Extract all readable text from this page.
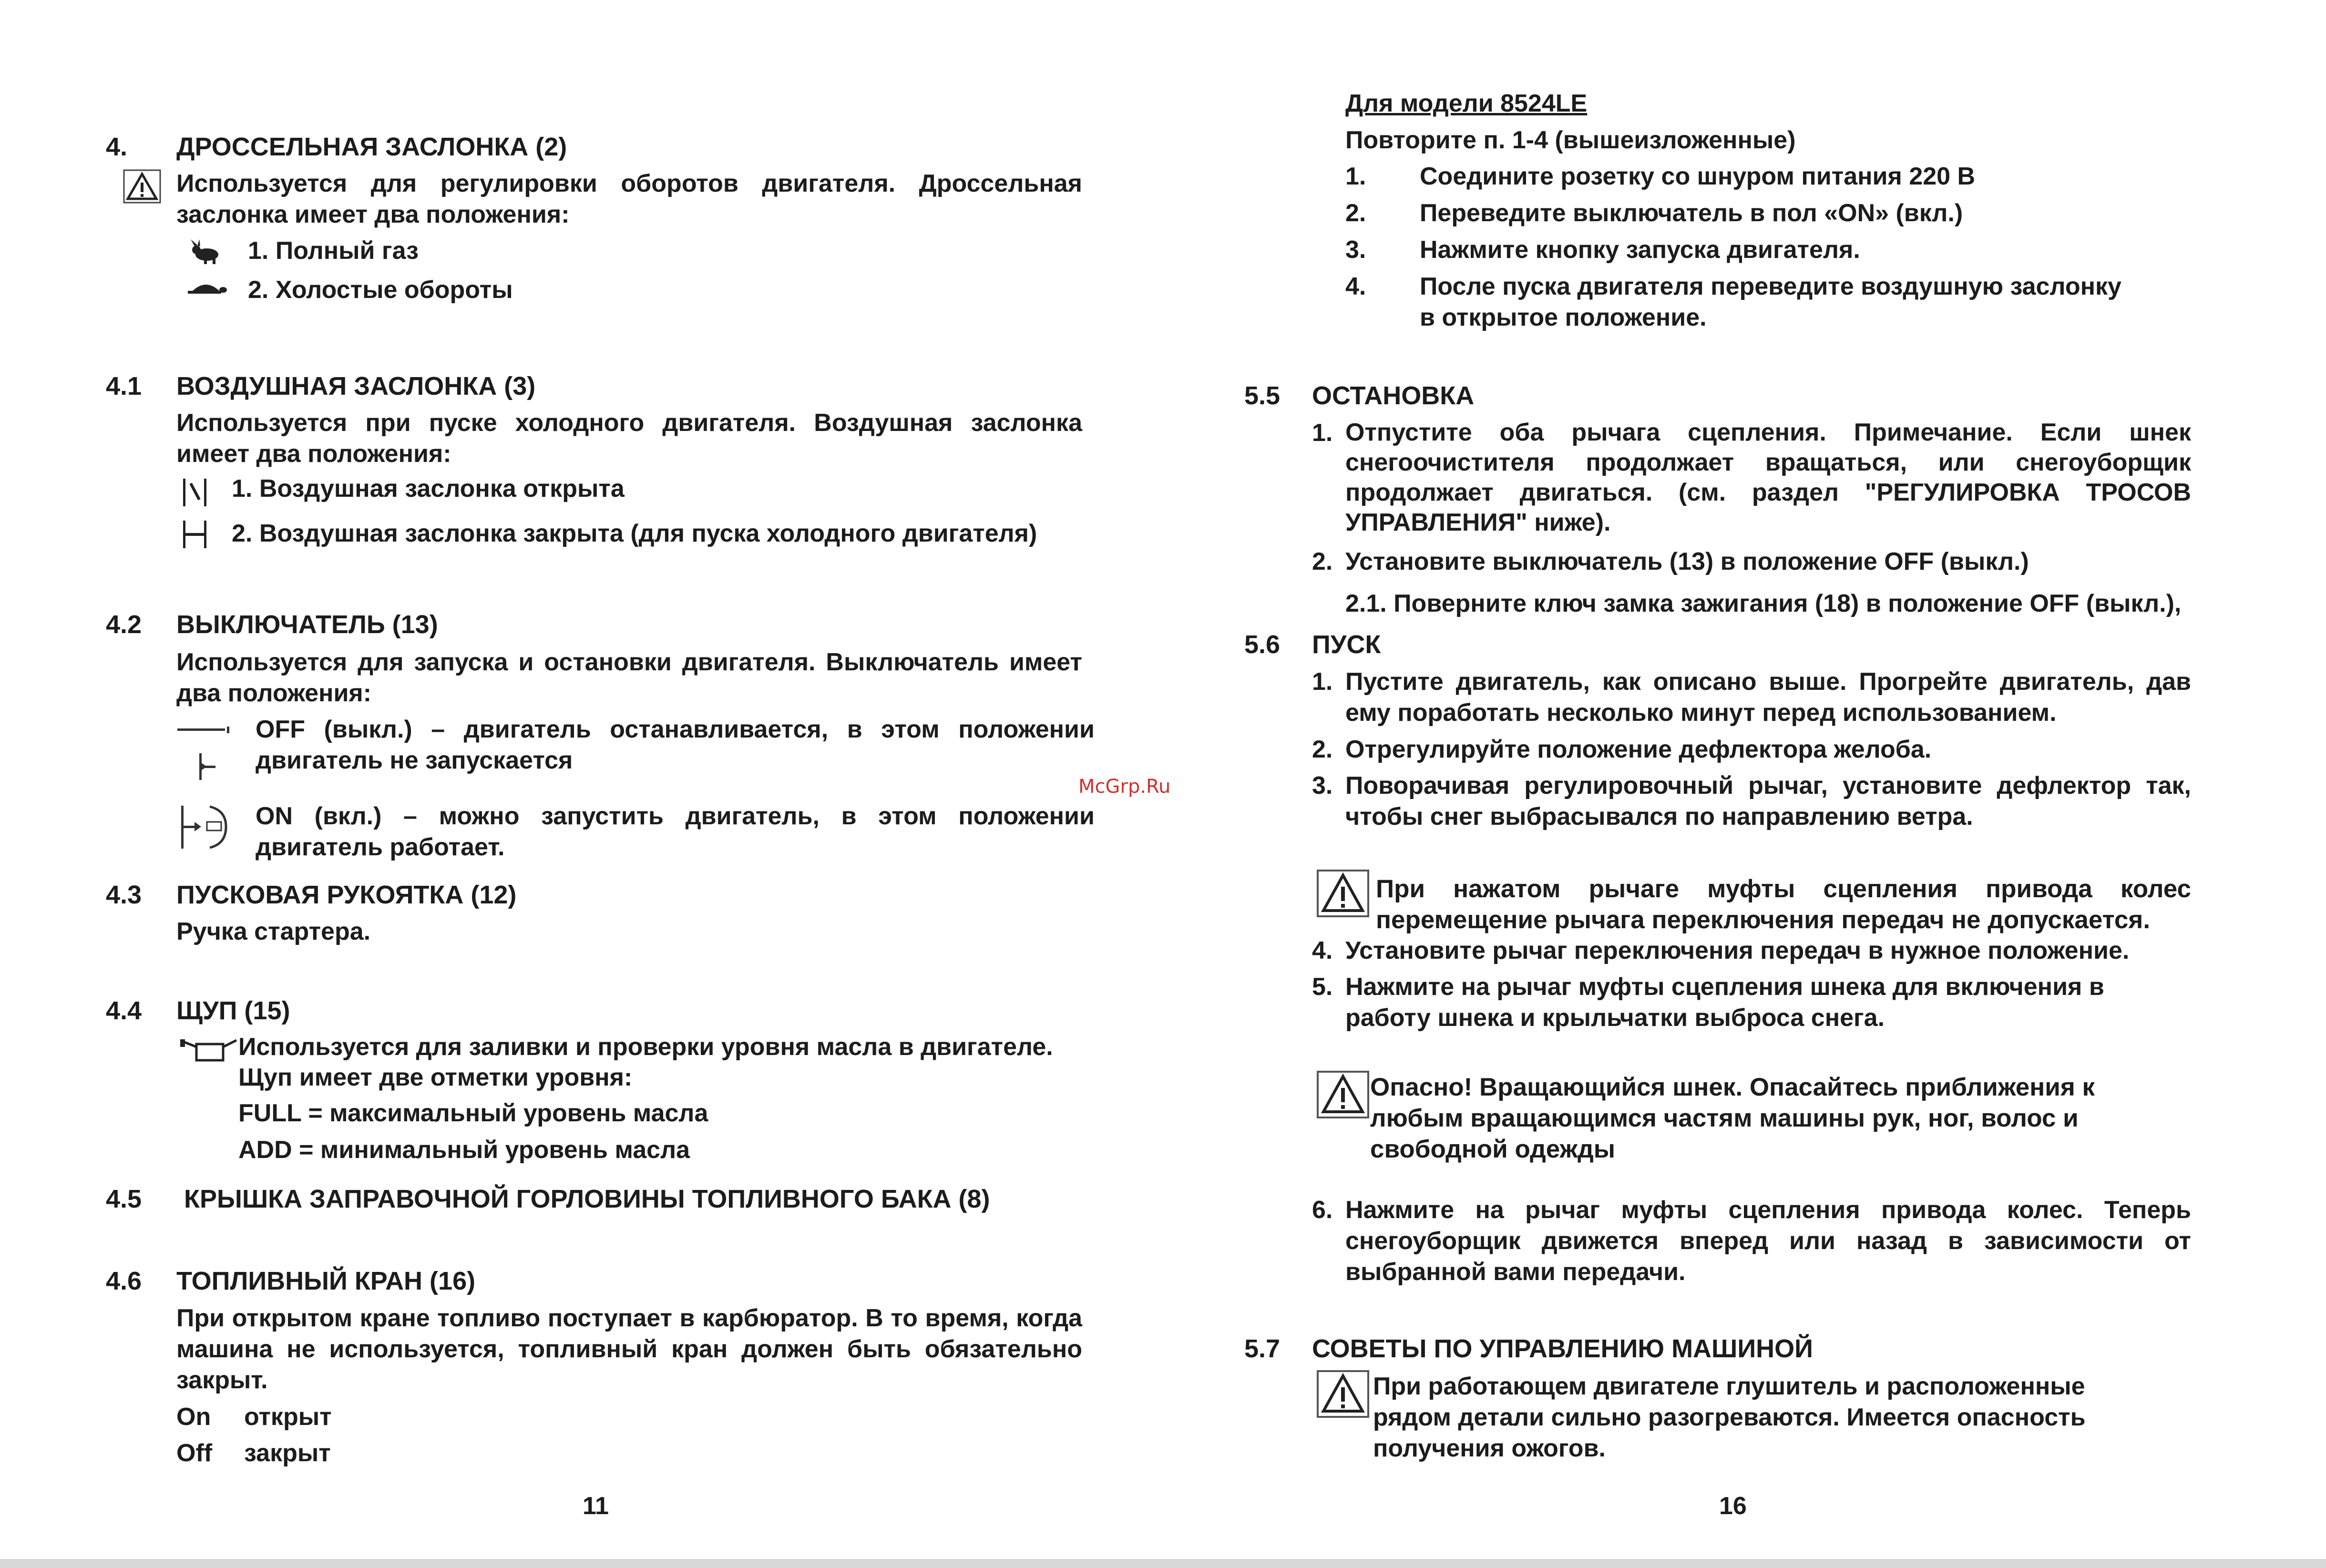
4. ДРОССЕЛЬНАЯ ЗАСЛОНКА (2)
Используется для регулировки оборотов двигателя. Дроссельная заслонка имеет два положения:
1. Полный газ
2. Холостые обороты
4.1 ВОЗДУШНАЯ ЗАСЛОНКА (3)
Используется при пуске холодного двигателя. Воздушная заслонка имеет два положения:
1. Воздушная заслонка открыта
2. Воздушная заслонка закрыта (для пуска холодного двигателя)
4.2 ВЫКЛЮЧАТЕЛЬ (13)
Используется для запуска и остановки двигателя. Выключатель имеет два положения:
OFF (выкл.) – двигатель останавливается, в этом положении двигатель не запускается
ON (вкл.) – можно запустить двигатель, в этом положении двигатель работает.
4.3 ПУСКОВАЯ РУКОЯТКА (12)
Ручка стартера.
4.4 ЩУП (15)
Используется для заливки и проверки уровня масла в двигателе.
Щуп имеет две отметки уровня:
FULL = максимальный уровень масла
ADD = минимальный уровень масла
4.5 КРЫШКА ЗАПРАВОЧНОЙ ГОРЛОВИНЫ ТОПЛИВНОГО БАКА (8)
4.6 ТОПЛИВНЫЙ КРАН (16)
При открытом кране топливо поступает в карбюратор. В то время, когда машина не используется, топливный кран должен быть обязательно закрыт.
On открыт
Off закрыт
11
McGrp.Ru
Для модели 8524LE
Повторите п. 1-4 (вышеизложенные)
1. Соедините розетку со шнуром питания 220 В
2. Переведите выключатель в пол «ON» (вкл.)
3. Нажмите кнопку запуска двигателя.
4. После пуска двигателя переведите воздушную заслонку в открытое положение.
5.5 ОСТАНОВКА
1. Отпустите оба рычага сцепления. Примечание. Если шнек снегоочистителя продолжает вращаться, или снегоуборщик продолжает двигаться. (см. раздел "РЕГУЛИРОВКА ТРОСОВ УПРАВЛЕНИЯ" ниже).
2. Установите выключатель (13) в положение OFF (выкл.)
2.1. Поверните ключ замка зажигания (18) в положение OFF (выкл.),
5.6 ПУСК
1. Пустите двигатель, как описано выше. Прогрейте двигатель, дав ему поработать несколько минут перед использованием.
2. Отрегулируйте положение дефлектора желоба.
3. Поворачивая регулировочный рычаг, установите дефлектор так, чтобы снег выбрасывался по направлению ветра.
При нажатом рычаге муфты сцепления привода колес перемещение рычага переключения передач не допускается.
4. Установите рычаг переключения передач в нужное положение.
5. Нажмите на рычаг муфты сцепления шнека для включения в работу шнека и крыльчатки выброса снега.
Опасно! Вращающийся шнек. Опасайтесь приближения к любым вращающимся частям машины рук, ног, волос и свободной одежды
6. Нажмите на рычаг муфты сцепления привода колес. Теперь снегоуборщик движется вперед или назад в зависимости от выбранной вами передачи.
5.7 СОВЕТЫ ПО УПРАВЛЕНИЮ МАШИНОЙ
При работающем двигателе глушитель и расположенные рядом детали сильно разогреваются. Имеется опасность получения ожогов.
16
